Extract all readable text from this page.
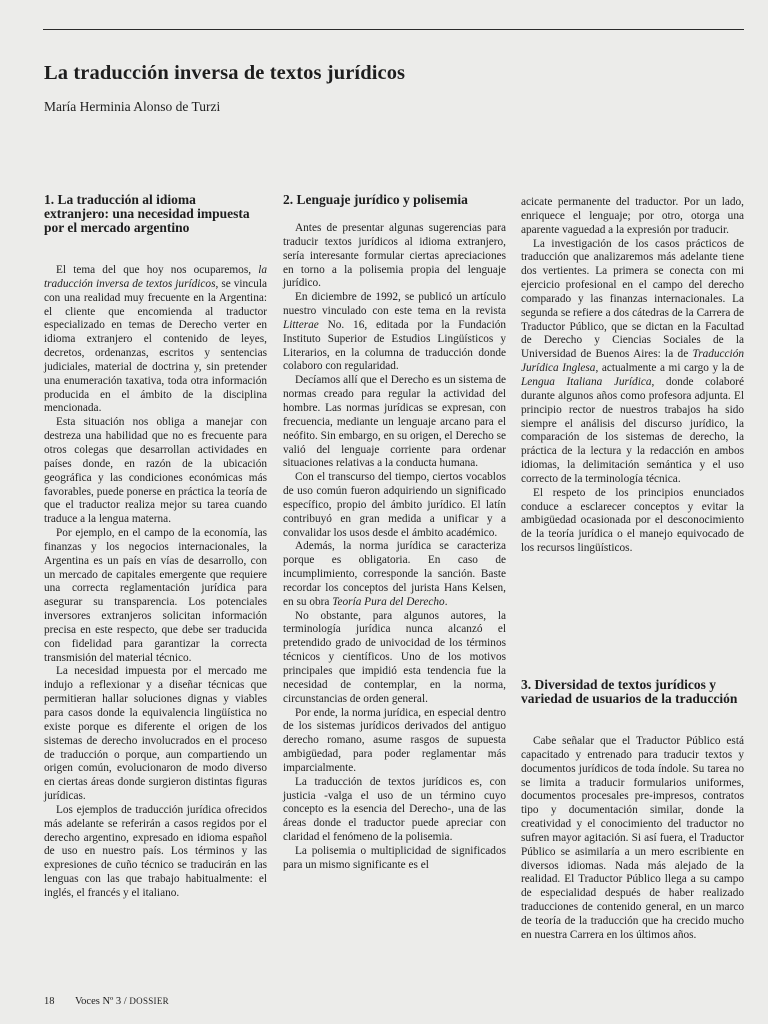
La traducción inversa de textos jurídicos

María Herminia Alonso de Turzi

1. La traducción al idioma extranjero: una necesidad impuesta por el mercado argentino

El tema del que hoy nos ocuparemos, la traducción inversa de textos jurídicos, se vincula con una realidad muy frecuente en la Argentina: el cliente que encomienda al traductor especializado en temas de Derecho verter en idioma extranjero el contenido de leyes, decretos, ordenanzas, escritos y sentencias judiciales, material de doctrina y, sin pretender una enumeración taxativa, toda otra información producida en el ámbito de la disciplina mencionada.

Esta situación nos obliga a manejar con destreza una habilidad que no es frecuente para otros colegas que desarrollan actividades en países donde, en razón de la ubicación geográfica y las condiciones económicas más favorables, puede ponerse en práctica la teoría de que el traductor realiza mejor su tarea cuando traduce a la lengua materna.

Por ejemplo, en el campo de la economía, las finanzas y los negocios internacionales, la Argentina es un país en vías de desarrollo, con un mercado de capitales emergente que requiere una correcta reglamentación jurídica para asegurar su transparencia. Los potenciales inversores extranjeros solicitan información precisa en este respecto, que debe ser traducida con fidelidad para garantizar la correcta transmisión del material técnico.

La necesidad impuesta por el mercado me indujo a reflexionar y a diseñar técnicas que permitieran hallar soluciones dignas y viables para casos donde la equivalencia lingüística no existe porque es diferente el origen de los sistemas de derecho involucrados en el proceso de traducción o porque, aun compartiendo un origen común, evolucionaron de modo diverso en ciertas áreas donde surgieron distintas figuras jurídicas.

Los ejemplos de traducción jurídica ofrecidos más adelante se referirán a casos regidos por el derecho argentino, expresado en idioma español de uso en nuestro país. Los términos y las expresiones de cuño técnico se traducirán en las lenguas con las que trabajo habitualmente: el inglés, el francés y el italiano.

2. Lenguaje jurídico y polisemia

Antes de presentar algunas sugerencias para traducir textos jurídicos al idioma extranjero, sería interesante formular ciertas apreciaciones en torno a la polisemia propia del lenguaje jurídico.

En diciembre de 1992, se publicó un artículo nuestro vinculado con este tema en la revista Litterae No. 16, editada por la Fundación Instituto Superior de Estudios Lingüísticos y Literarios, en la columna de traducción donde colaboro con regularidad.

Decíamos allí que el Derecho es un sistema de normas creado para regular la actividad del hombre. Las normas jurídicas se expresan, con frecuencia, mediante un lenguaje arcano para el neófito. Sin embargo, en su origen, el Derecho se valió del lenguaje corriente para ordenar situaciones relativas a la conducta humana.

Con el transcurso del tiempo, ciertos vocablos de uso común fueron adquiriendo un significado específico, propio del ámbito jurídico. El latín contribuyó en gran medida a unificar y a convalidar los usos desde el ámbito académico.

Además, la norma jurídica se caracteriza porque es obligatoria. En caso de incumplimiento, corresponde la sanción. Baste recordar los conceptos del jurista Hans Kelsen, en su obra Teoría Pura del Derecho.

No obstante, para algunos autores, la terminología jurídica nunca alcanzó el pretendido grado de univocidad de los términos técnicos y científicos. Uno de los motivos principales que impidió esta tendencia fue la necesidad de contemplar, en la norma, circunstancias de orden general.

Por ende, la norma jurídica, en especial dentro de los sistemas jurídicos derivados del antiguo derecho romano, asume rasgos de supuesta ambigüedad, para poder reglamentar más imparcialmente.

La traducción de textos jurídicos es, con justicia -valga el uso de un término cuyo concepto es la esencia del Derecho-, una de las áreas donde el traductor puede apreciar con claridad el fenómeno de la polisemia.

La polisemia o multiplicidad de significados para un mismo significante es el

acicate permanente del traductor. Por un lado, enriquece el lenguaje; por otro, otorga una aparente vaguedad a la expresión por traducir.

La investigación de los casos prácticos de traducción que analizaremos más adelante tiene dos vertientes. La primera se conecta con mi ejercicio profesional en el campo del derecho comparado y las finanzas internacionales. La segunda se refiere a dos cátedras de la Carrera de Traductor Público, que se dictan en la Facultad de Derecho y Ciencias Sociales de la Universidad de Buenos Aires: la de Traducción Jurídica Inglesa, actualmente a mi cargo y la de Lengua Italiana Jurídica, donde colaboré durante algunos años como profesora adjunta. El principio rector de nuestros trabajos ha sido siempre el análisis del discurso jurídico, la comparación de los sistemas de derecho, la práctica de la lectura y la redacción en ambos idiomas, la delimitación semántica y el uso correcto de la terminología técnica.

El respeto de los principios enunciados conduce a esclarecer conceptos y evitar la ambigüedad ocasionada por el desconocimiento de la teoría jurídica o el manejo equivocado de los recursos lingüísticos.

3. Diversidad de textos jurídicos y variedad de usuarios de la traducción

Cabe señalar que el Traductor Público está capacitado y entrenado para traducir textos y documentos jurídicos de toda índole. Su tarea no se limita a traducir formularios uniformes, documentos procesales pre-impresos, contratos tipo y documentación similar, donde la creatividad y el conocimiento del traductor no sufren mayor agitación. Si así fuera, el Traductor Público se asimilaría a un mero escribiente en diversos idiomas. Nada más alejado de la realidad. El Traductor Público llega a su campo de especialidad después de haber realizado traducciones de contenido general, en un marco de teoría de la traducción que ha crecido mucho en nuestra Carrera en los últimos años.

18 Voces Nº 3 / DOSSIER
